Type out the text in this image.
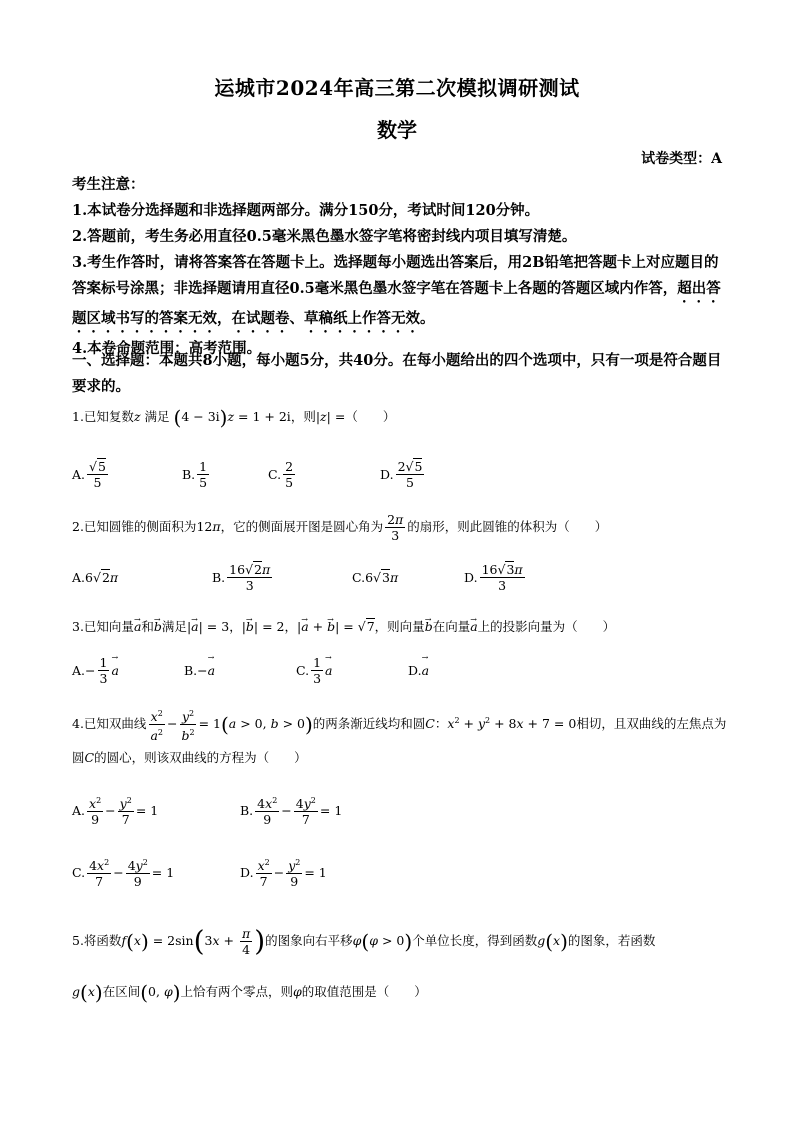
运城市2024年高三第二次模拟调研测试
数学
试卷类型：A

考生注意：

1.本试卷分选择题和非选择题两部分。满分150分，考试时间120分钟。

2.答题前，考生务必用直径0.5毫米黑色墨水签字笔将密封线内项目填写清楚。

3.考生作答时，请将答案答在答题卡上。选择题每小题选出答案后，用2B铅笔把答题卡上对应题目的答案标号涂黑；非选择题请用直径0.5毫米黑色墨水签字笔在答题卡上各题的答题区域内作答，超出答题区域书写的答案无效，在试题卷、草稿纸上作答无效。

4.本卷命题范围：高考范围。

一、选择题：本题共8小题，每小题5分，共40分。在每小题给出的四个选项中，只有一项是符合题目要求的。
1.已知复数z 满足 (4 − 3i)z = 1 + 2i，则|z| =（　　）
A. $\frac{√5}{5}$	B. $\frac{1}{5}$	C. $\frac{2}{5}$	D. $\frac{2√5}{5}$
2.已知圆锥的侧面积为12π，它的侧面展开图是圆心角为 $\frac{2\pi}{3}$ 的扇形，则此圆锥的体积为（　　）
A. 6√ 2 π	B. $\frac{16√2\pi}{3}$	C. 6√ 3 π	D. $\frac{16√3\pi}{3}$
3.已知向量→ a和→ b满足|→ a| = 3，|→ b| = 2，|→ a + → b| = √7，则向量→ b在向量→ a上的投影向量为（　　）
A. − $\frac{1}{3}$
→ a	B. −
→ a	C. $\frac{1}{3}$
→ a	D.
→ a
4.已知双曲线 $\frac{x^2}{a^2} - \frac{y^2}{b^2} = 1(a > 0$, b > 0)的两条渐近线均和圆C：$x^2 + y^2 + 8x + 7 = 0$相切，且双曲线的左焦点为圆C的圆心，则该双曲线的方程为（　　）
A. $\frac{x^2}{9} - \frac{y^2}{7} = 1$	B. $\frac{4x^2}{9} - \frac{4y^2}{7} = 1$
C. $\frac{4x^2}{7} - \frac{4y^2}{9} = 1$	D. $\frac{x^2}{7} - \frac{y^2}{9} = 1$
5.将函数$f(x) = 2\sin(3x + \frac{\pi}{4}$ )的图象向右平移φ(φ > 0)个单位长度，得到函数g(x)的图象，若函数
g(x)在区间(0, φ)上恰有两个零点，则φ的取值范围是（　　）
